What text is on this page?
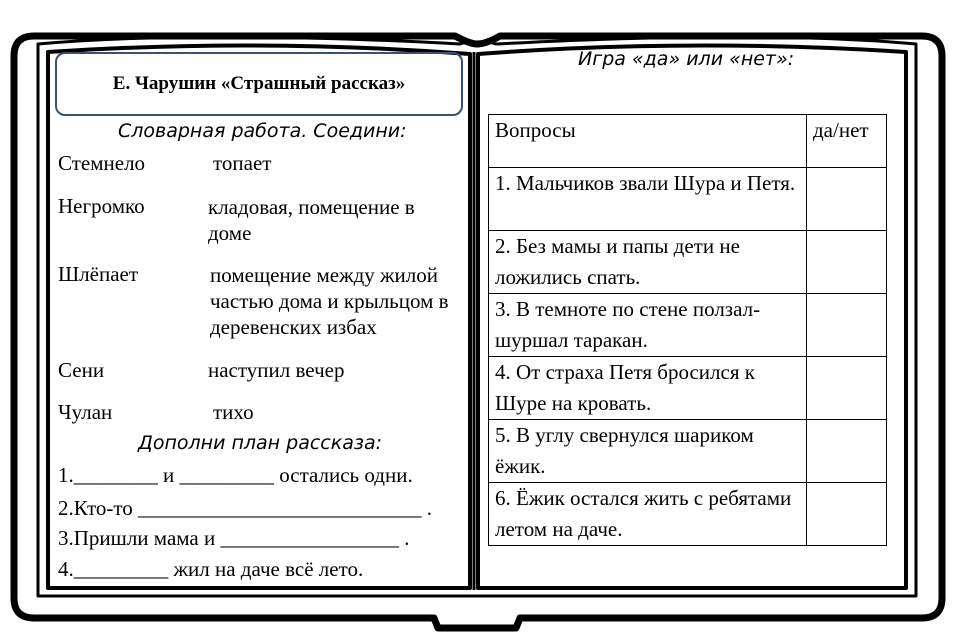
Е. Чарушин «Страшный рассказ»
Словарная работа. Соедини:
Стемнело	топает
Негромко	кладовая, помещение в доме
Шлёпает	помещение между жилой частью дома и крыльцом в деревенских избах
Сени	наступил вечер
Чулан	тихо
Дополни план рассказа:
1.________ и _________ остались одни.
2.Кто-то ___________________________ .
3.Пришли мама и _________________ .
4._________ жил на даче всё лето.
Игра «да» или «нет»:
Вопросы	да/нет
1. Мальчиков звали Шура и Петя.	
2. Без мамы и папы дети не ложились спать.	
3. В темноте по стене ползал-шуршал таракан.	
4. От страха Петя бросился к Шуре на кровать.	
5. В углу свернулся шариком ёжик.	
6. Ёжик остался жить с ребятами летом на даче.	
